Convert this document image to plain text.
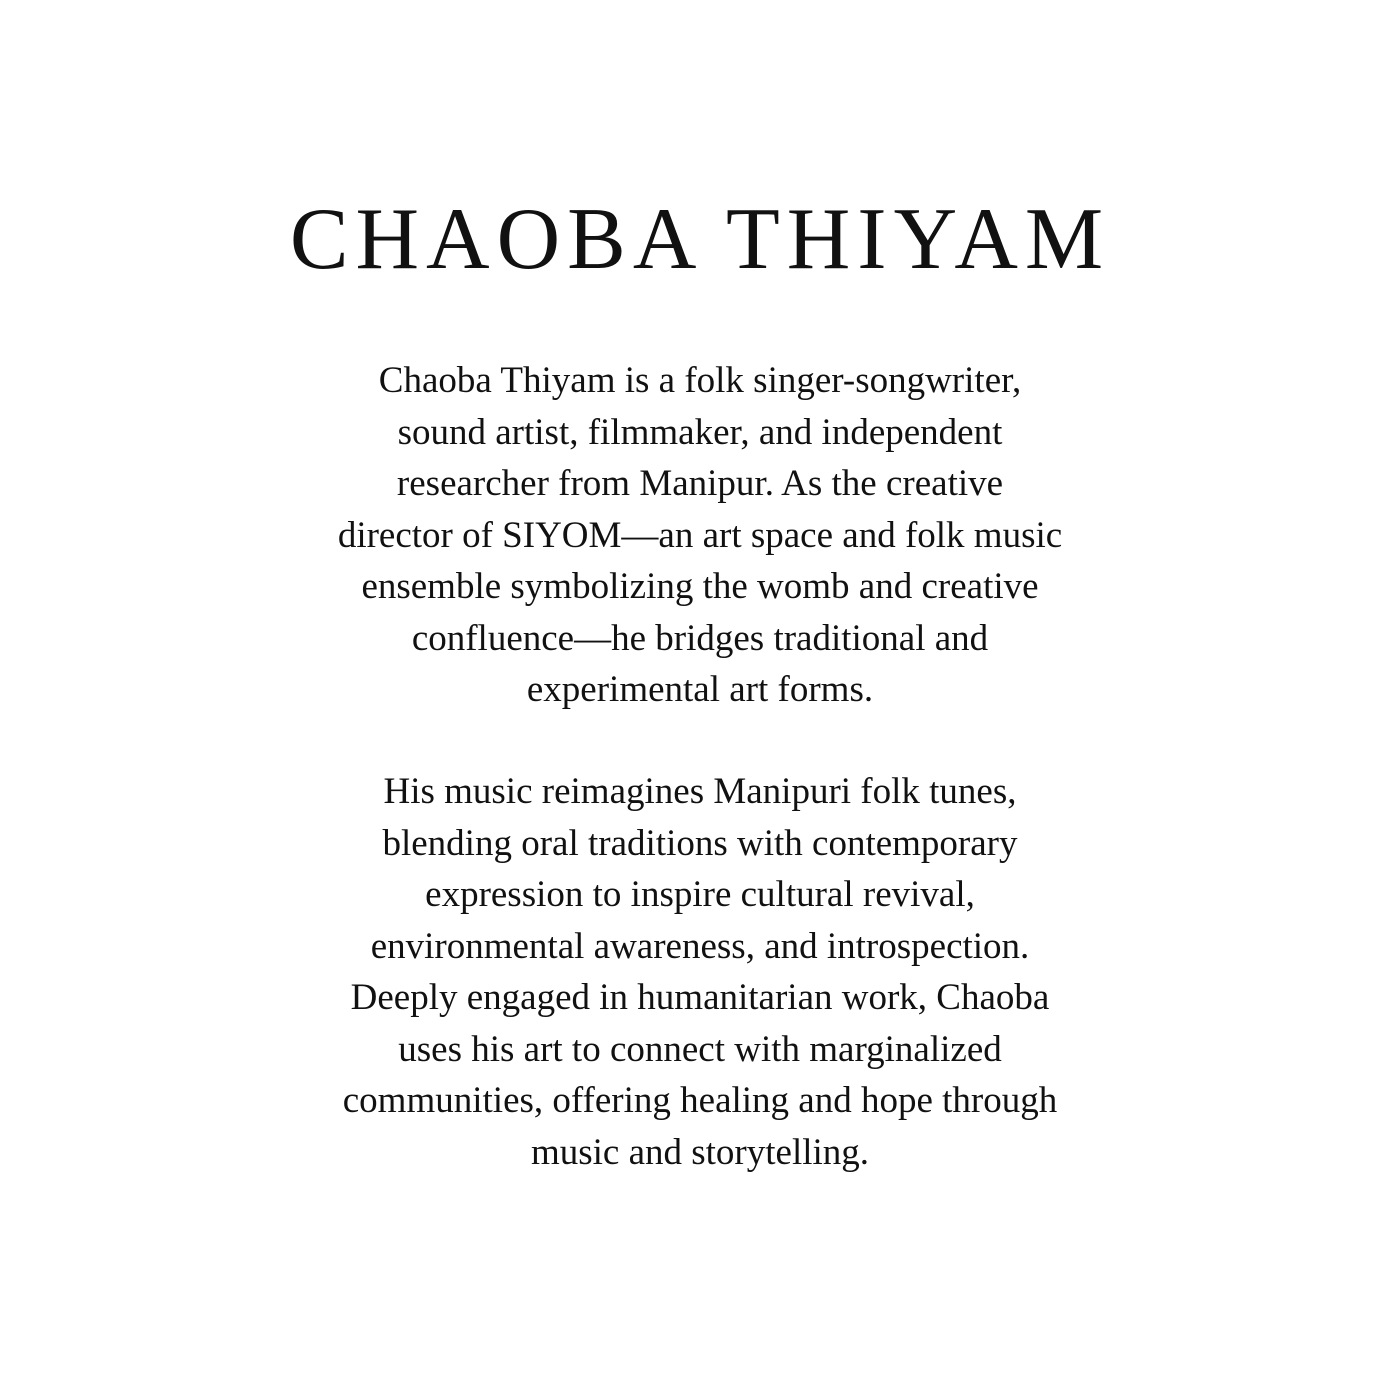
CHAOBA THIYAM

Chaoba Thiyam is a folk singer-songwriter,
sound artist, filmmaker, and independent
researcher from Manipur. As the creative
director of SIYOM—an art space and folk music
ensemble symbolizing the womb and creative
confluence—he bridges traditional and
experimental art forms.

His music reimagines Manipuri folk tunes,
blending oral traditions with contemporary
expression to inspire cultural revival,
environmental awareness, and introspection.
Deeply engaged in humanitarian work, Chaoba
uses his art to connect with marginalized
communities, offering healing and hope through
music and storytelling.
